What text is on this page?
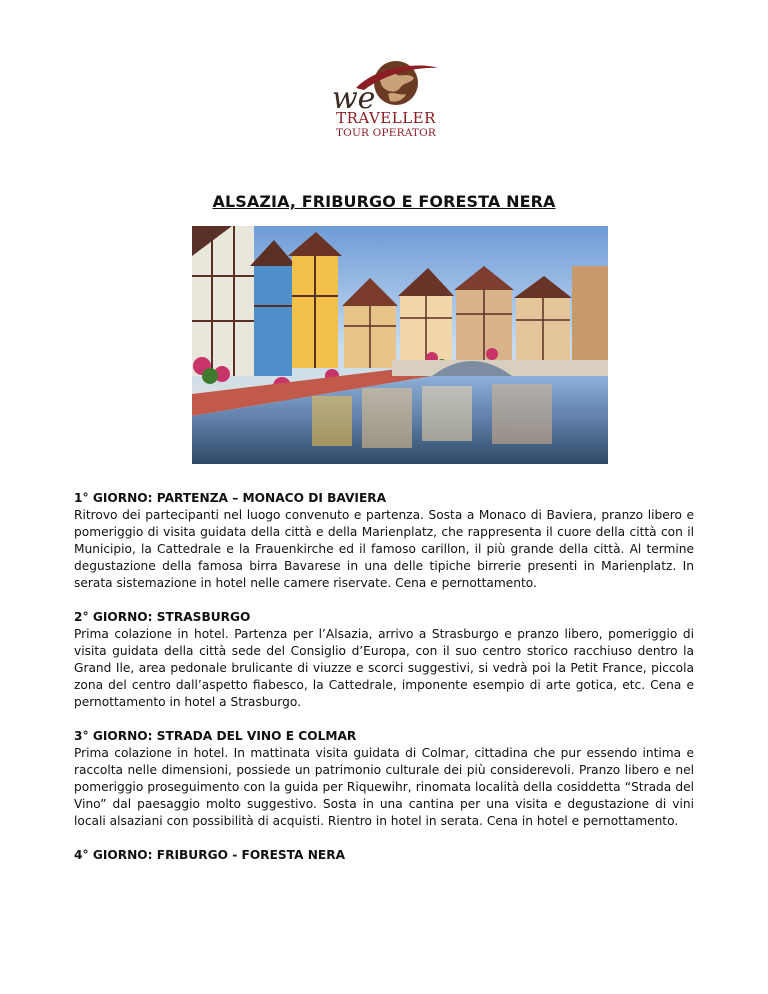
we
TRAVELLER
TOUR OPERATOR
ALSAZIA, FRIBURGO E FORESTA NERA
1° GIORNO: PARTENZA – MONACO DI BAVIERA

Ritrovo dei partecipanti nel luogo convenuto e partenza. Sosta a Monaco di Baviera, pranzo libero e pomeriggio di visita guidata della città e della Marienplatz, che rappresenta il cuore della città con il Municipio, la Cattedrale e la Frauenkirche ed il famoso carillon, il più grande della città. Al termine degustazione della famosa birra Bavarese in una delle tipiche birrerie presenti in Marienplatz. In serata sistemazione in hotel nelle camere riservate. Cena e pernottamento.

2° GIORNO: STRASBURGO

Prima colazione in hotel. Partenza per l’Alsazia, arrivo a Strasburgo e pranzo libero, pomeriggio di visita guidata della città sede del Consiglio d’Europa, con il suo centro storico racchiuso dentro la Grand Ile, area pedonale brulicante di viuzze e scorci suggestivi, si vedrà poi la Petit France, piccola zona del centro dall’aspetto fiabesco, la Cattedrale, imponente esempio di arte gotica, etc. Cena e pernottamento in hotel a Strasburgo.

3° GIORNO: STRADA DEL VINO E COLMAR

Prima colazione in hotel. In mattinata visita guidata di Colmar, cittadina che pur essendo intima e raccolta nelle dimensioni, possiede un patrimonio culturale dei più considerevoli. Pranzo libero e nel pomeriggio proseguimento con la guida per Riquewihr, rinomata località della cosiddetta “Strada del Vino” dal paesaggio molto suggestivo. Sosta in una cantina per una visita e degustazione di vini locali alsaziani con possibilità di acquisti. Rientro in hotel in serata. Cena in hotel e pernottamento.

4° GIORNO: FRIBURGO - FORESTA NERA
